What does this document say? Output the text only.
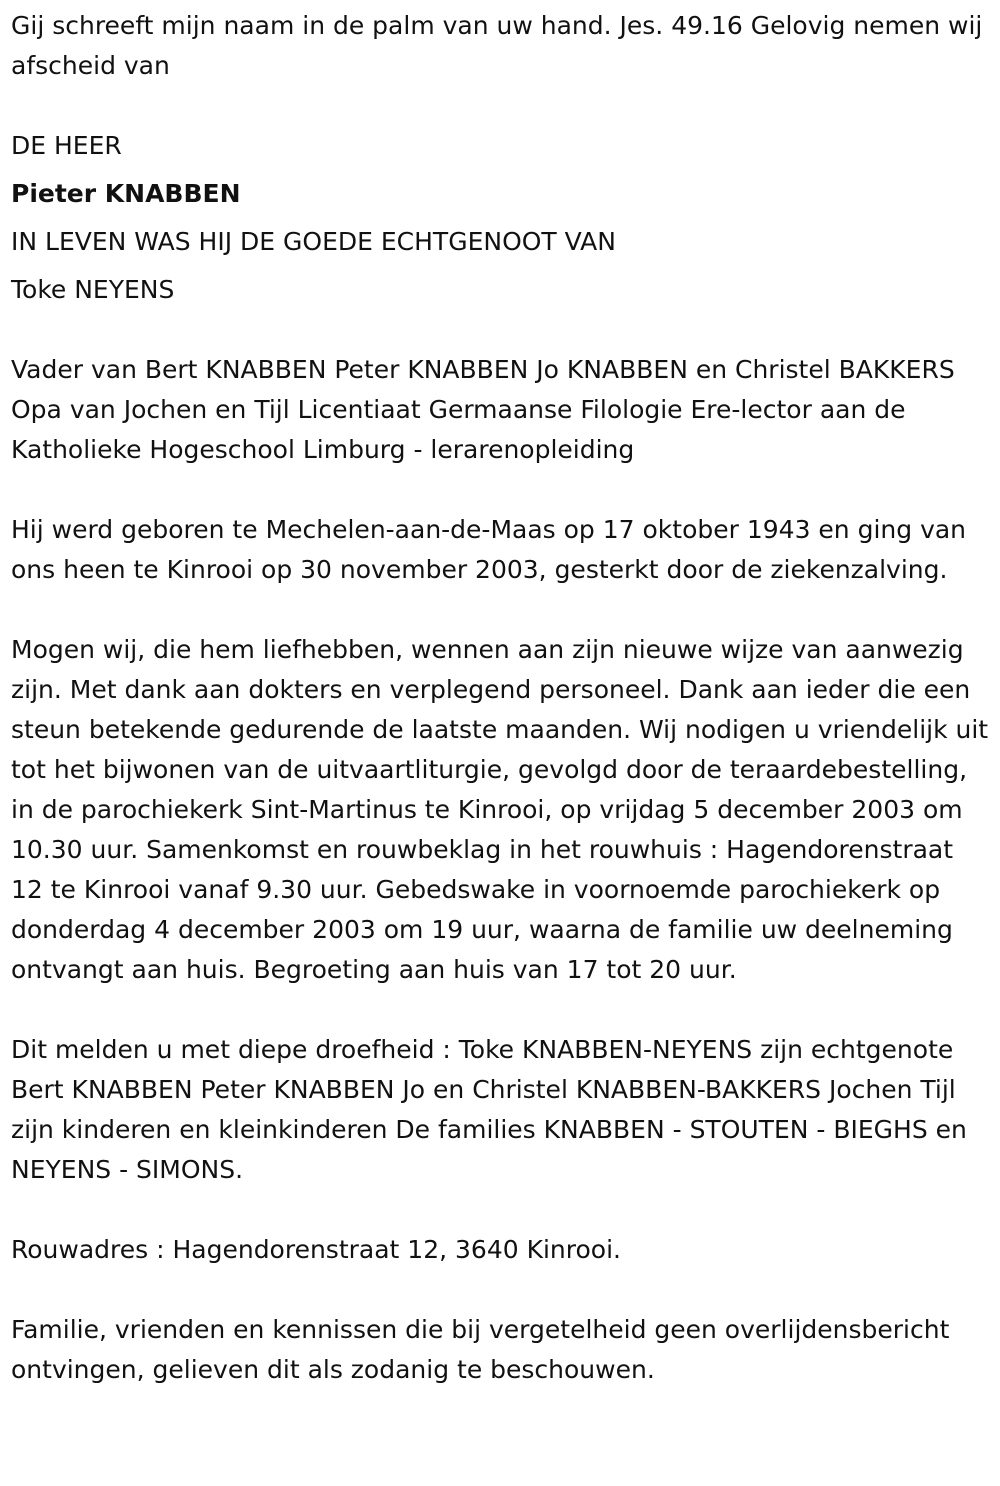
Gij schreeft mijn naam in de palm van uw hand. Jes. 49.16 Gelovig nemen wij afscheid van

DE HEER

Pieter KNABBEN

IN LEVEN WAS HIJ DE GOEDE ECHTGENOOT VAN

Toke NEYENS

Vader van Bert KNABBEN Peter KNABBEN Jo KNABBEN en Christel BAKKERS Opa van Jochen en Tijl Licentiaat Germaanse Filologie Ere-lector aan de Katholieke Hogeschool Limburg - lerarenopleiding

Hij werd geboren te Mechelen-aan-de-Maas op 17 oktober 1943 en ging van ons heen te Kinrooi op 30 november 2003, gesterkt door de ziekenzalving.

Mogen wij, die hem liefhebben, wennen aan zijn nieuwe wijze van aanwezig zijn. Met dank aan dokters en verplegend personeel. Dank aan ieder die een steun betekende gedurende de laatste maanden. Wij nodigen u vriendelijk uit tot het bijwonen van de uitvaartliturgie, gevolgd door de teraardebestelling, in de parochiekerk Sint-Martinus te Kinrooi, op vrijdag 5 december 2003 om 10.30 uur. Samenkomst en rouwbeklag in het rouwhuis : Hagendorenstraat 12 te Kinrooi vanaf 9.30 uur. Gebedswake in voornoemde parochiekerk op donderdag 4 december 2003 om 19 uur, waarna de familie uw deelneming ontvangt aan huis. Begroeting aan huis van 17 tot 20 uur.

Dit melden u met diepe droefheid : Toke KNABBEN-NEYENS zijn echtgenote Bert KNABBEN Peter KNABBEN Jo en Christel KNABBEN-BAKKERS Jochen Tijl zijn kinderen en kleinkinderen De families KNABBEN - STOUTEN - BIEGHS en NEYENS - SIMONS.

Rouwadres : Hagendorenstraat 12, 3640 Kinrooi.

Familie, vrienden en kennissen die bij vergetelheid geen overlijdensbericht ontvingen, gelieven dit als zodanig te beschouwen.
